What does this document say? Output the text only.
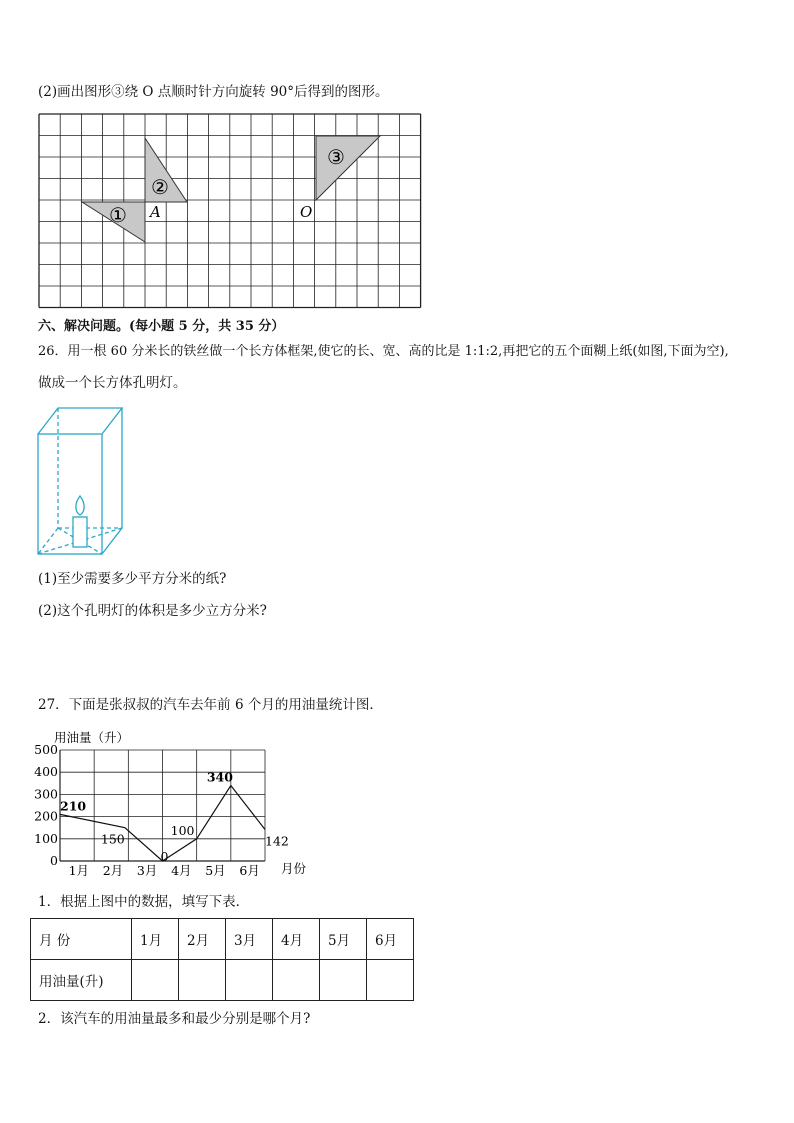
(2)画出图形③绕 O 点顺时针方向旋转 90°后得到的图形。
①
②
③
A	O
六、解决问题。(每小题 5 分，共 35 分）
26．用一根 60 分米长的铁丝做一个长方体框架,使它的长、宽、高的比是 1:1:2,再把它的五个面糊上纸(如图,下面为空),
做成一个长方体孔明灯。
(1)至少需要多少平方分米的纸?
(2)这个孔明灯的体积是多少立方分米?
27．下面是张叔叔的汽车去年前 6 个月的用油量统计图．
用油量（升）
0
100
200
300
400
500
1月 2月 3月 4月 5月 6月
210
150
0
100
340
142
月份
1．根据上图中的数据，填写下表．
月 份	1月	2月	3月	4月	5月	6月
用油量(升)						
2．该汽车的用油量最多和最少分别是哪个月?
